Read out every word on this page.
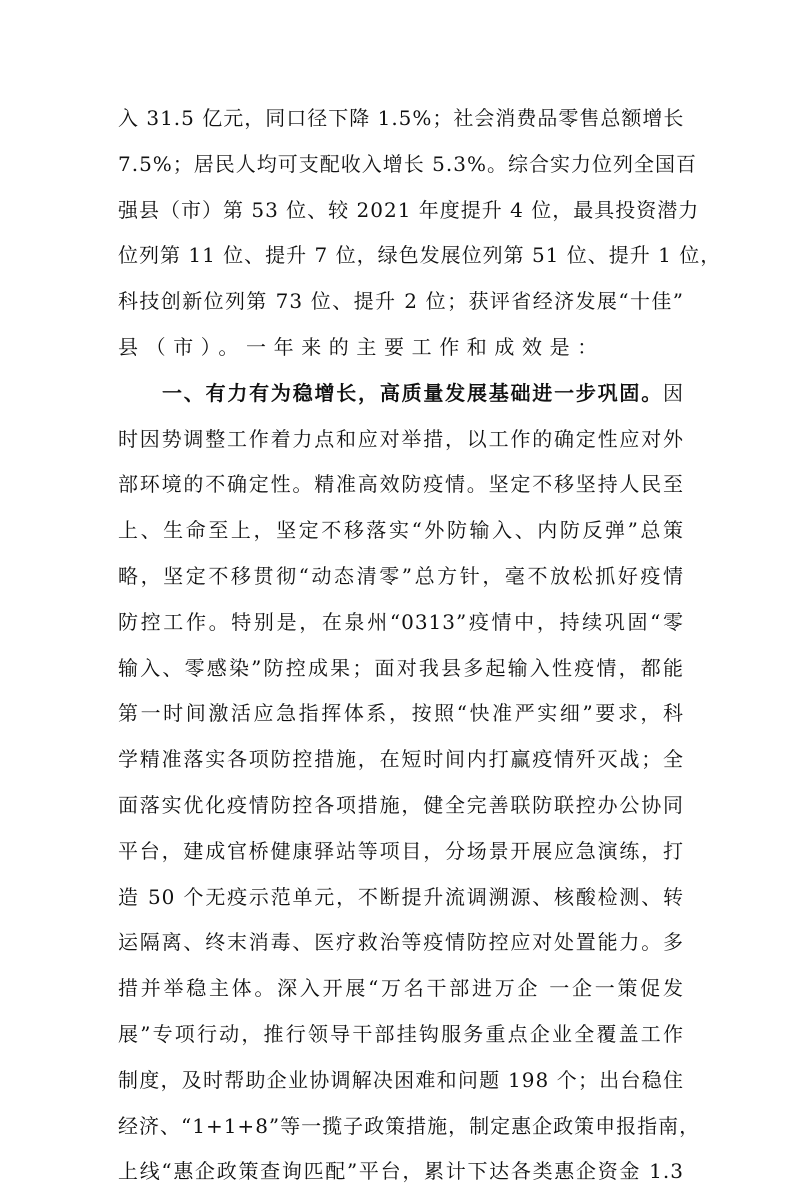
入 31.5 亿元，同口径下降 1.5%；社会消费品零售总额增长
7.5%；居民人均可支配收入增长 5.3%。综合实力位列全国百
强县（市）第 53 位、较 2021 年度提升 4 位，最具投资潜力
位列第 11 位、提升 7 位，绿色发展位列第 51 位、提升 1 位，
科技创新位列第 73 位、提升 2 位；获评省经济发展“十佳”
县（市）。一年来的主要工作和成效是：
一、有力有为稳增长，高质量发展基础进一步巩固。因
时因势调整工作着力点和应对举措，以工作的确定性应对外
部环境的不确定性。精准高效防疫情。坚定不移坚持人民至
上、生命至上，坚定不移落实“外防输入、内防反弹”总策
略，坚定不移贯彻“动态清零”总方针，毫不放松抓好疫情
防控工作。特别是，在泉州“0313”疫情中，持续巩固“零
输入、零感染”防控成果；面对我县多起输入性疫情，都能
第一时间激活应急指挥体系，按照“快准严实细”要求，科
学精准落实各项防控措施，在短时间内打赢疫情歼灭战；全
面落实优化疫情防控各项措施，健全完善联防联控办公协同
平台，建成官桥健康驿站等项目，分场景开展应急演练，打
造 50 个无疫示范单元，不断提升流调溯源、核酸检测、转
运隔离、终末消毒、医疗救治等疫情防控应对处置能力。多
措并举稳主体。深入开展“万名干部进万企 一企一策促发
展”专项行动，推行领导干部挂钩服务重点企业全覆盖工作
制度，及时帮助企业协调解决困难和问题 198 个；出台稳住
经济、“1+1+8”等一揽子政策措施，制定惠企政策申报指南，
上线“惠企政策查询匹配”平台，累计下达各类惠企资金 1.3
